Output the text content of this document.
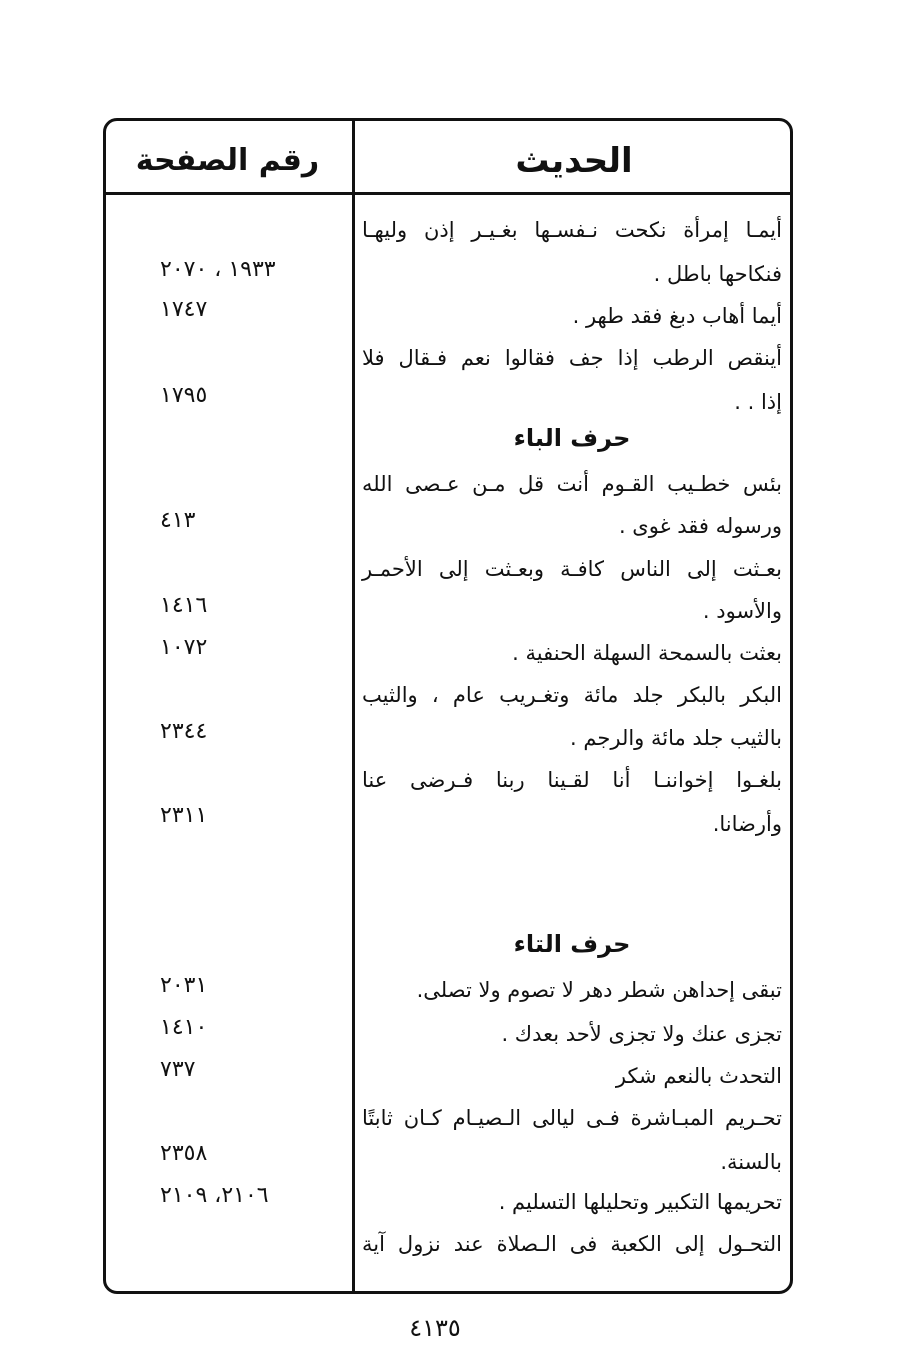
الحديث
رقم الصفحة
أيمـا إمرأة نكحت نـفسـها بغـيـر إذن وليهـا
فنكاحها باطل .
أيما أهاب دبغ فقد طهر .
أينقص الرطب إذا جف فقالوا نعم فـقال فلا
إذا . .
حرف الباء
بئس خطـيب القـوم أنت قل مـن عـصى الله
ورسوله فقد غوى .
بعـثت إلى الناس كافـة وبعـثت إلى الأحمـر
والأسود .
بعثت بالسمحة السهلة الحنفية .
البكر بالبكر جلد مائة وتغـريب عام ، والثيب
بالثيب جلد مائة والرجم .
بلغـوا إخواننـا أنا لقـينا ربنا فـرضى عنا
وأرضانا.
حرف التاء
تبقى إحداهن شطر دهر لا تصوم ولا تصلى.
تجزى عنك ولا تجزى لأحد بعدك .
التحدث بالنعم شكر
تحـريم المبـاشرة فـى ليالى الـصيـام كـان ثابتًا
بالسنة.
تحريمها التكبير وتحليلها التسليم .
التحـول إلى الكعبة فى الـصلاة عند نزول آية
١٩٣٣ ، ٢٠٧٠
١٧٤٧
١٧٩٥
٤١٣
١٤١٦
١٠٧٢
٢٣٤٤
٢٣١١
٢٠٣١
١٤١٠
٧٣٧
٢٣٥٨
٢١٠٦، ٢١٠٩
٤١٣٥
